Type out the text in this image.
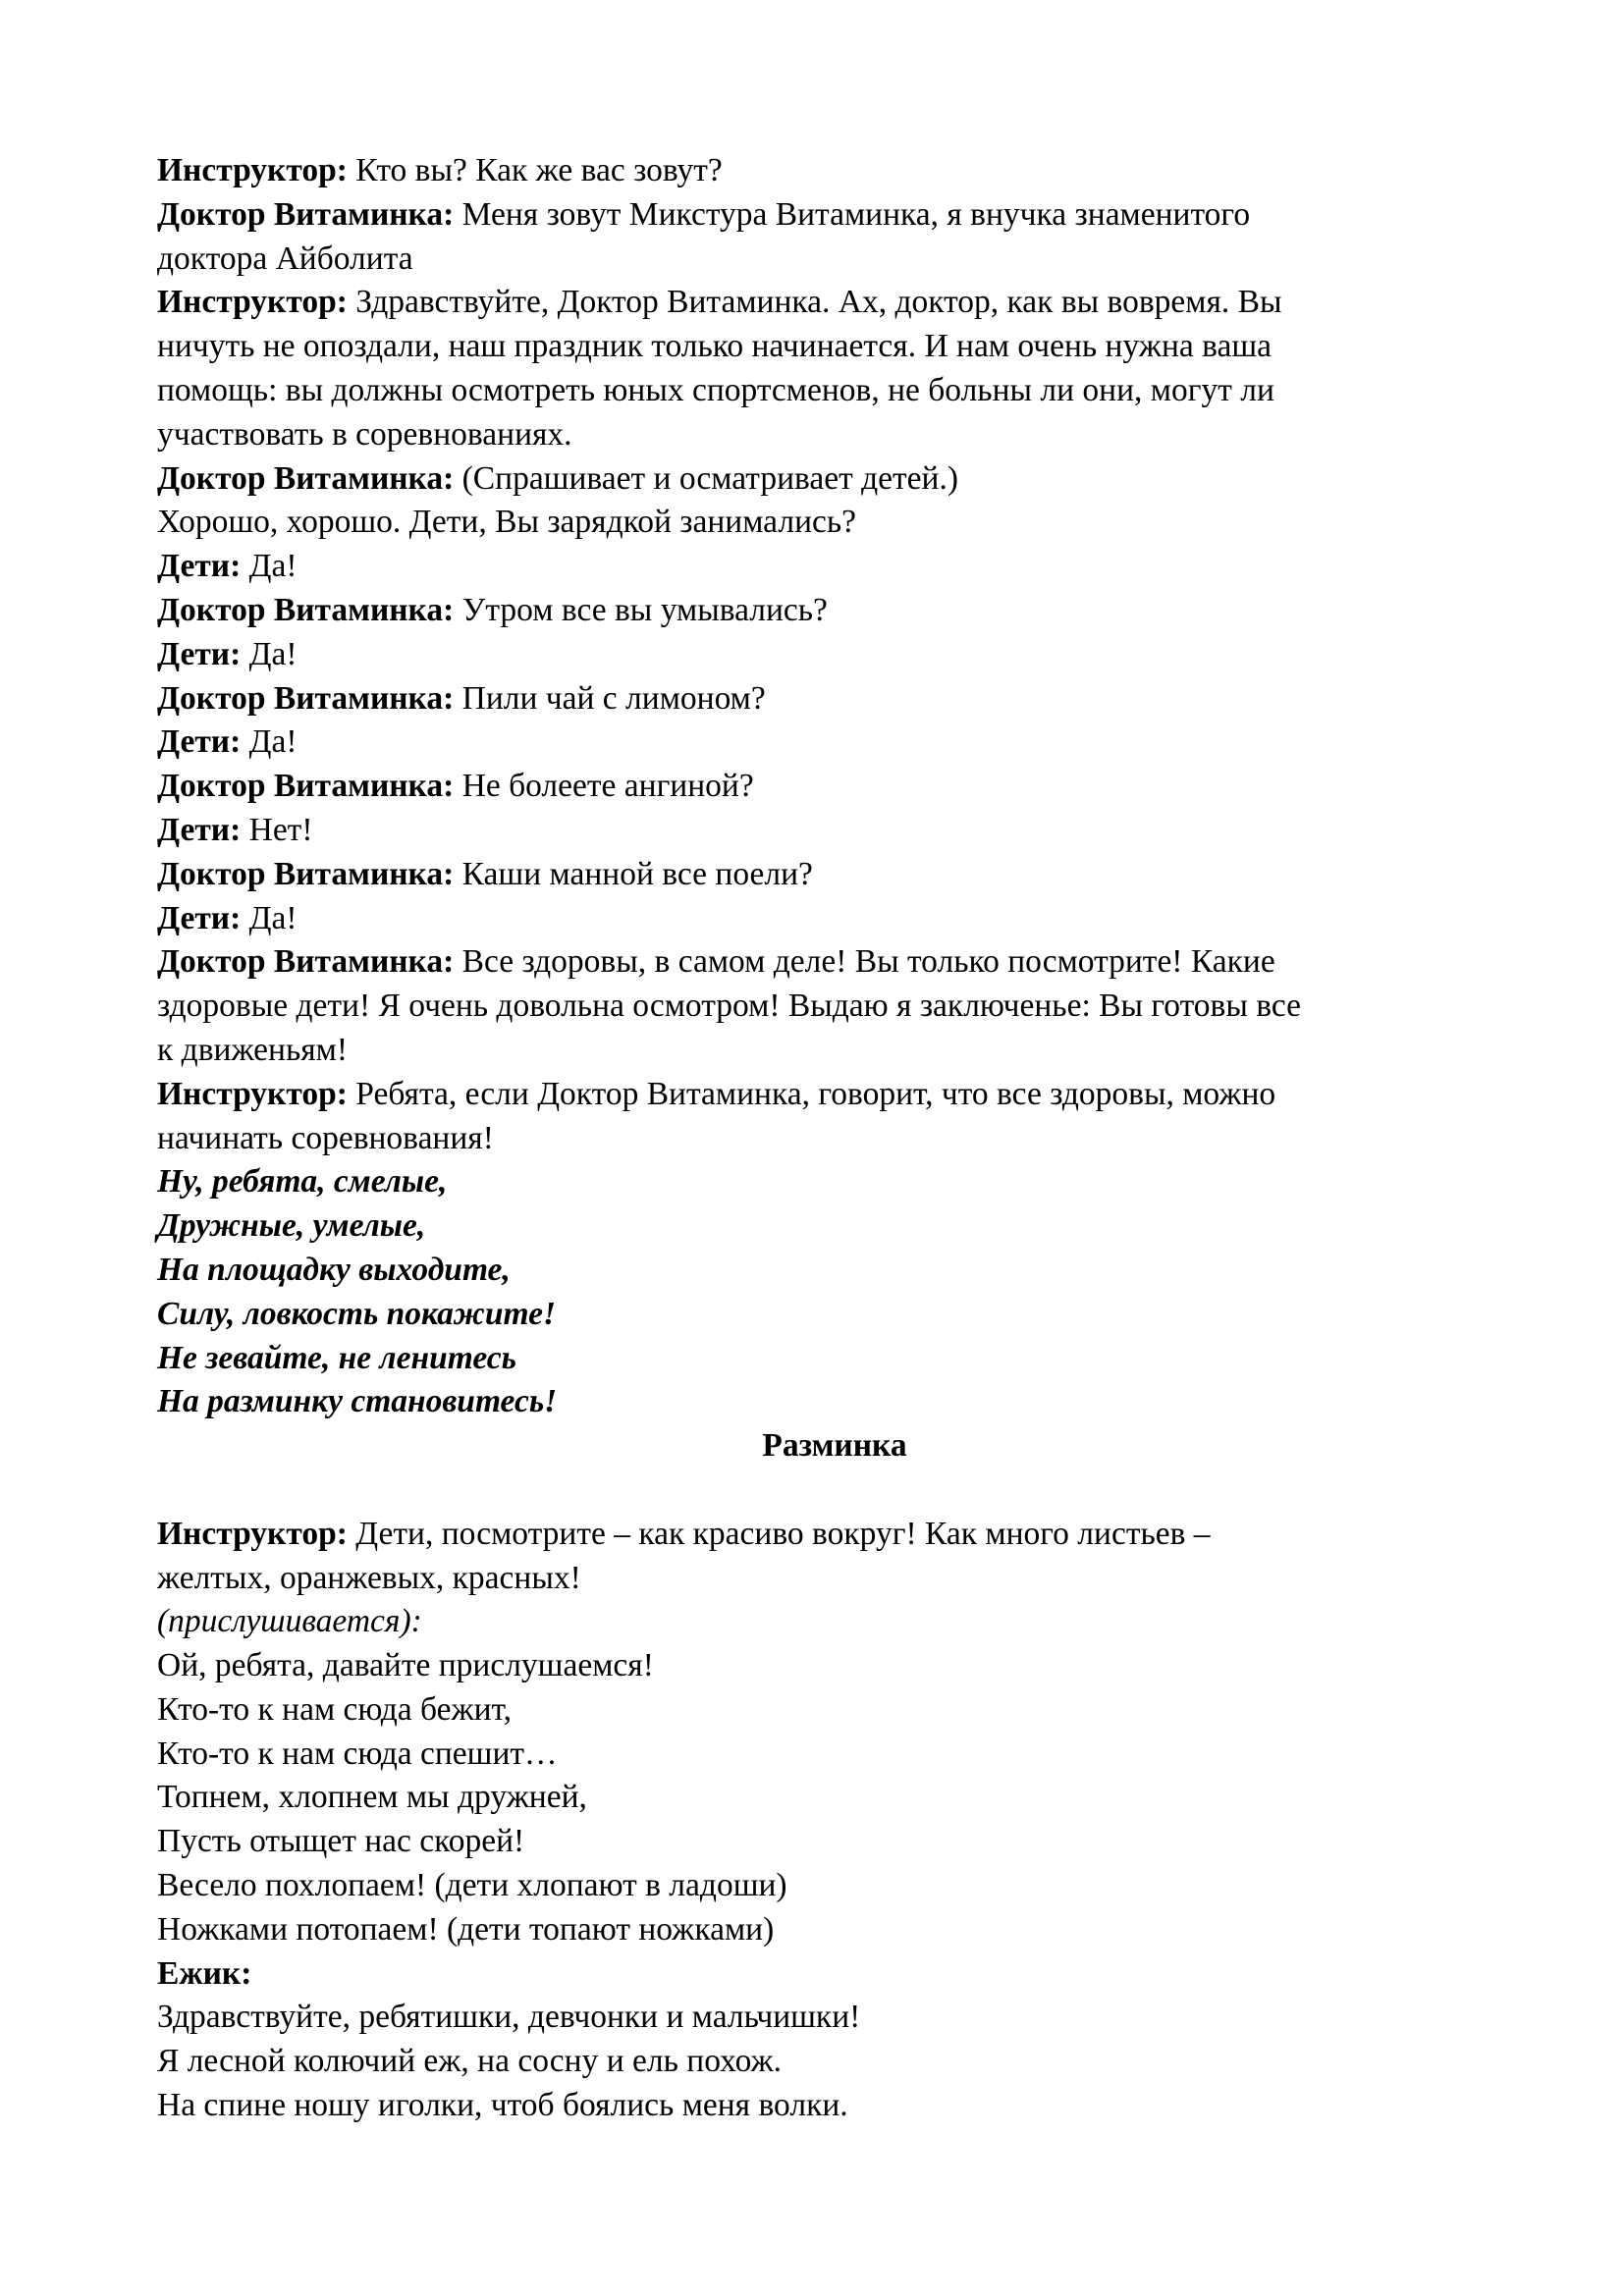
Инструктор: Кто вы? Как же вас зовут?
Доктор Витаминка: Меня зовут Микстура Витаминка, я внучка знаменитого
доктора Айболита
Инструктор: Здравствуйте, Доктор Витаминка. Ах, доктор, как вы вовремя. Вы
ничуть не опоздали, наш праздник только начинается. И нам очень нужна ваша
помощь: вы должны осмотреть юных спортсменов, не больны ли они, могут ли
участвовать в соревнованиях.
Доктор Витаминка: (Спрашивает и осматривает детей.)
Хорошо, хорошо. Дети, Вы зарядкой занимались?
Дети: Да!
Доктор Витаминка: Утром все вы умывались?
Дети: Да!
Доктор Витаминка: Пили чай с лимоном?
Дети: Да!
Доктор Витаминка: Не болеете ангиной?
Дети: Нет!
Доктор Витаминка: Каши манной все поели?
Дети: Да!
Доктор Витаминка: Все здоровы, в самом деле! Вы только посмотрите! Какие
здоровые дети! Я очень довольна осмотром! Выдаю я заключенье: Вы готовы все
к движеньям!
Инструктор: Ребята, если Доктор Витаминка, говорит, что все здоровы, можно
начинать соревнования!
Ну, ребята, смелые,
Дружные, умелые,
На площадку выходите,
Силу, ловкость покажите!
Не зевайте, не ленитесь
На разминку становитесь!
Разминка
Инструктор: Дети, посмотрите – как красиво вокруг! Как много листьев –
желтых, оранжевых, красных!
(прислушивается):
Ой, ребята, давайте прислушаемся!
Кто-то к нам сюда бежит,
Кто-то к нам сюда спешит…
Топнем, хлопнем мы дружней,
Пусть отыщет нас скорей!
Весело похлопаем! (дети хлопают в ладоши)
Ножками потопаем! (дети топают ножками)
Ежик:
Здравствуйте, ребятишки, девчонки и мальчишки!
Я лесной колючий еж, на сосну и ель похож.
На спине ношу иголки, чтоб боялись меня волки.
